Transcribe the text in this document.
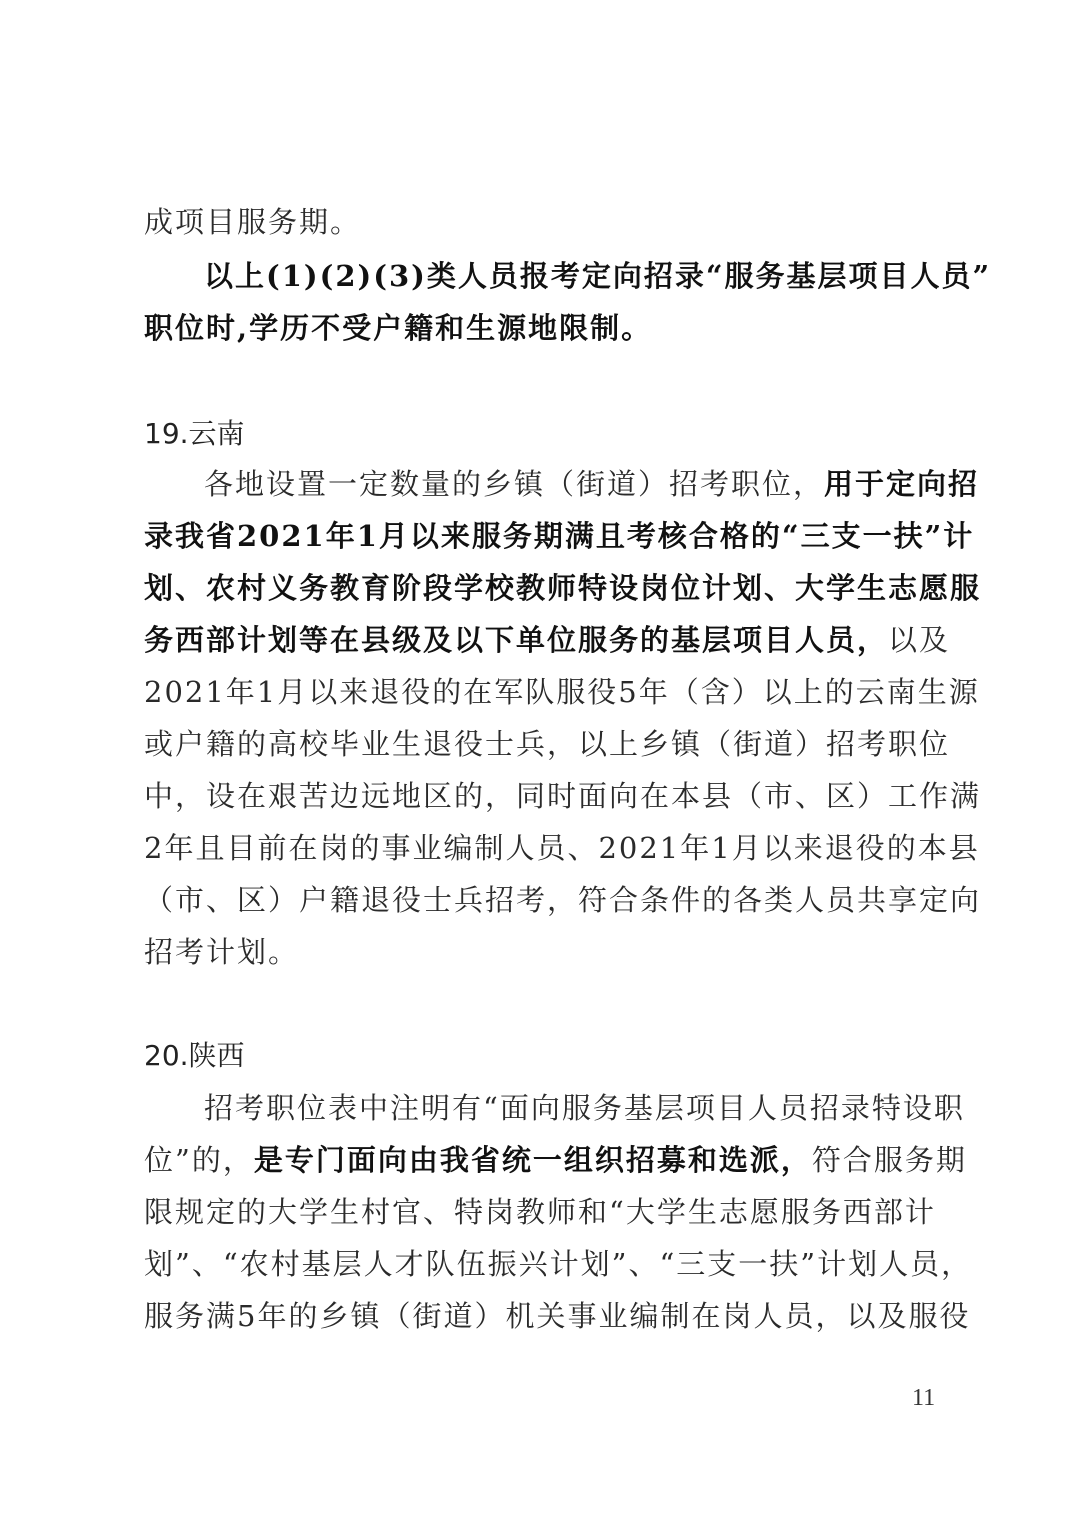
成项目服务期。
以上(1)(2)(3)类人员报考定向招录“服务基层项目人员”
职位时,学历不受户籍和生源地限制。
19.云南
各地设置一定数量的乡镇（街道）招考职位，用于定向招
录我省2021年1月以来服务期满且考核合格的“三支一扶”计
划、农村义务教育阶段学校教师特设岗位计划、大学生志愿服
务西部计划等在县级及以下单位服务的基层项目人员，以及
2021年1月以来退役的在军队服役5年（含）以上的云南生源
或户籍的高校毕业生退役士兵，以上乡镇（街道）招考职位
中，设在艰苦边远地区的，同时面向在本县（市、区）工作满
2年且目前在岗的事业编制人员、2021年1月以来退役的本县
（市、区）户籍退役士兵招考，符合条件的各类人员共享定向
招考计划。
20.陕西
招考职位表中注明有“面向服务基层项目人员招录特设职
位”的，是专门面向由我省统一组织招募和选派，符合服务期
限规定的大学生村官、特岗教师和“大学生志愿服务西部计
划”、“农村基层人才队伍振兴计划”、“三支一扶”计划人员，
服务满5年的乡镇（街道）机关事业编制在岗人员，以及服役
11
